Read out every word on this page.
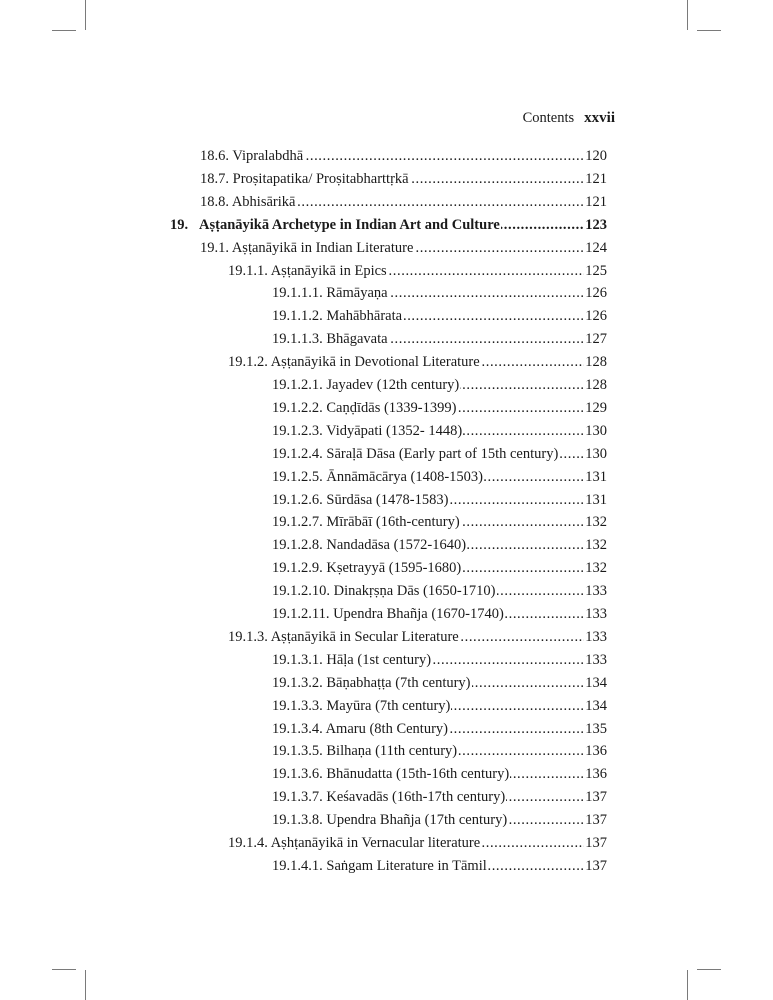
Contents xxvii
..... 18.6. Vipralabdhā	120
..... 18.7. Proṣitapatika/ Proṣitabharttṛkā	121
..... 18.8. Abhisārikā	121
..... 19. Aṣṭanāyikā Archetype in Indian Art and Culture	123
..... 19.1. Aṣṭanāyikā in Indian Literature	124
..... 19.1.1. Aṣṭanāyikā in Epics	125
..... 19.1.1.1. Rāmāyaṇa	126
..... 19.1.1.2. Mahābhārata	126
..... 19.1.1.3. Bhāgavata	127
..... 19.1.2. Aṣṭanāyikā in Devotional Literature	128
..... 19.1.2.1. Jayadev (12th century)	128
..... 19.1.2.2. Caṇḍīdās (1339-1399)	129
..... 19.1.2.3. Vidyāpati (1352- 1448)	130
..... 19.1.2.4. Sāraḷā Dāsa (Early part of 15th century) 130
..... 19.1.2.5. Ānnāmācārya (1408-1503)	131
..... 19.1.2.6. Sūrdāsa (1478-1583)	131
..... 19.1.2.7. Mīrābāī (16th-century)	132
..... 19.1.2.8. Nandadāsa (1572-1640)	132
..... 19.1.2.9. Kṣetrayyā (1595-1680)	132
..... 19.1.2.10. Dinakṛṣṇa Dās (1650-1710)	133
..... 19.1.2.11. Upendra Bhañja (1670-1740)	133
..... 19.1.3. Aṣṭanāyikā in Secular Literature	133
..... 19.1.3.1. Hāḷa (1st century)	133
..... 19.1.3.2. Bāṇabhaṭṭa (7th century)	134
..... 19.1.3.3. Mayūra (7th century)	134
..... 19.1.3.4. Amaru (8th Century)	135
..... 19.1.3.5. Bilhaṇa (11th century)	136
..... 19.1.3.6. Bhānudatta (15th-16th century)	136
..... 19.1.3.7. Keśavadās (16th-17th century)	137
..... 19.1.3.8. Upendra Bhañja (17th century)	137
..... 19.1.4. Aṣhṭanāyikā in Vernacular literature	137
..... 19.1.4.1. Saṅgam Literature in Tāmil	137
